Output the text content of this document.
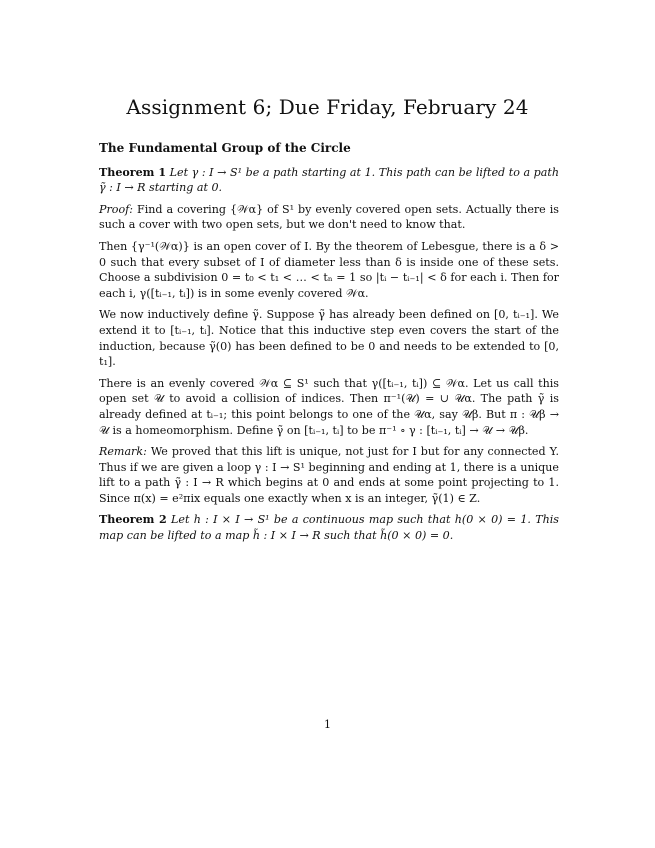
Assignment 6; Due Friday, February 24
The Fundamental Group of the Circle

Theorem 1 Let γ : I → S¹ be a path starting at 1. This path can be lifted to a path γ̃ : I → R starting at 0.

Proof: Find a covering {𝒲α} of S¹ by evenly covered open sets. Actually there is such a cover with two open sets, but we don't need to know that.

Then {γ⁻¹(𝒲α)} is an open cover of I. By the theorem of Lebesgue, there is a δ > 0 such that every subset of I of diameter less than δ is inside one of these sets. Choose a subdivision 0 = t₀ < t₁ < … < tₙ = 1 so |tᵢ − tᵢ₋₁| < δ for each i. Then for each i, γ([tᵢ₋₁, tᵢ]) is in some evenly covered 𝒲α.

We now inductively define γ̃. Suppose γ̃ has already been defined on [0, tᵢ₋₁]. We extend it to [tᵢ₋₁, tᵢ]. Notice that this inductive step even covers the start of the induction, because γ̃(0) has been defined to be 0 and needs to be extended to [0, t₁].

There is an evenly covered 𝒲α ⊆ S¹ such that γ([tᵢ₋₁, tᵢ]) ⊆ 𝒲α. Let us call this open set 𝒰 to avoid a collision of indices. Then π⁻¹(𝒰) = ∪ 𝒰α. The path γ̃ is already defined at tᵢ₋₁; this point belongs to one of the 𝒰α, say 𝒰β. But π : 𝒰β → 𝒰 is a homeomorphism. Define γ̃ on [tᵢ₋₁, tᵢ] to be π⁻¹ ∘ γ : [tᵢ₋₁, tᵢ] → 𝒰 → 𝒰β.

Remark: We proved that this lift is unique, not just for I but for any connected Y. Thus if we are given a loop γ : I → S¹ beginning and ending at 1, there is a unique lift to a path γ̃ : I → R which begins at 0 and ends at some point projecting to 1. Since π(x) = e²πix equals one exactly when x is an integer, γ̃(1) ∈ Z.

Theorem 2 Let h : I × I → S¹ be a continuous map such that h(0 × 0) = 1. This map can be lifted to a map h̃ : I × I → R such that h̃(0 × 0) = 0.

1
